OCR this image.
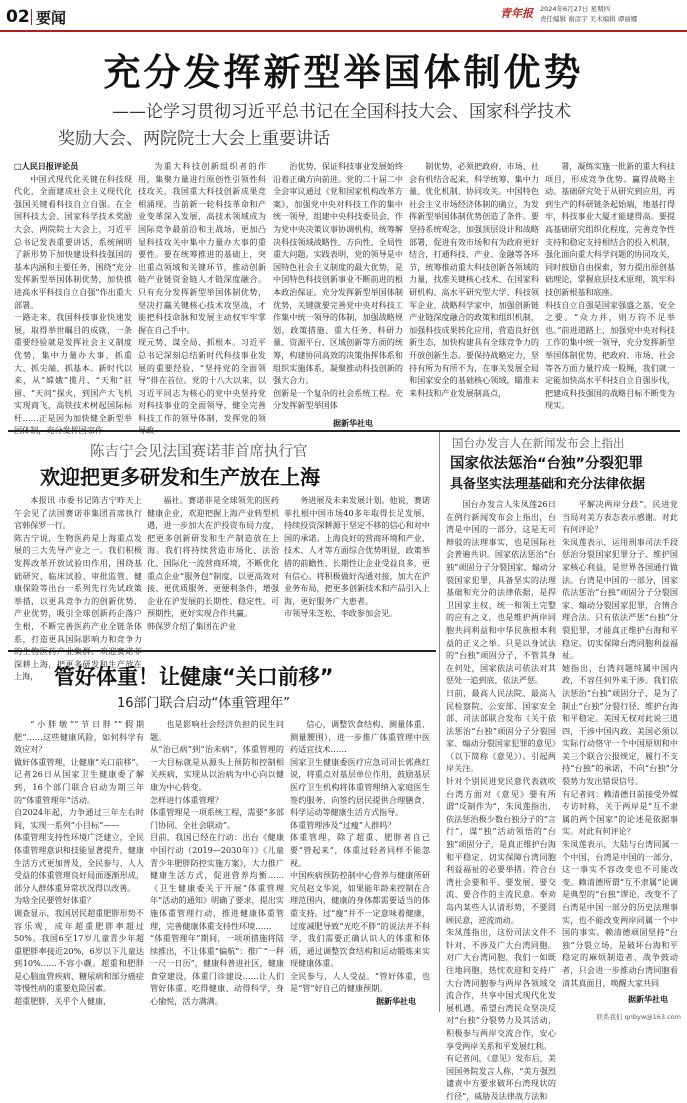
02 要闻	青年报	2024年6月27日 星期四
责任编辑 谢彦宇 美术编辑 谭丽娜
充分发挥新型举国体制优势
——论学习贯彻习近平总书记在全国科技大会、国家科学技术
奖励大会、两院院士大会上重要讲话
□人民日报评论员
中国式现代化关键在科技现代化，全面建成社会主义现代化强国关键看科技自立自强。在全国科技大会、国家科学技术奖励大会、两院院士大会上，习近平总书记发表重要讲话，系统阐明了新形势下加快建设科技强国的基本内涵和主要任务，围绕“充分发挥新型举国体制优势，加快推进高水平科技自立自强”作出重大部署。
一路走来，我国科技事业快速发展，取得举世瞩目的成就，一条重要经验就是发挥社会主义制度优势，集中力量办大事，抓重大、抓尖端、抓基本。新时代以来，从“嫦娥”揽月、“天和”驻留、“天问”探火，到国产大飞机实现商飞，高铁技术树起国际标杆……正是因为加快健全新型举
为重大科技创新组织者的作用，集聚力量进行原创性引领性科技攻关，我国重大科技创新成果竞相涌现。当前新一轮科技革命和产业变革深入发展，高技术领域成为国际竞争最前沿和主战场，更加凸显科技攻关中集中力量办大事的重要性。要在统筹推进的基础上，突出重点领域和关键环节，推动创新链产业链资金链人才链深度融合。只有充分发挥新型举国体制优势，坚决打赢关键核心技术攻坚战，才能把科技命脉和发展主动权牢牢掌握在自己手中。
现元势、谋全局、抓根本。习近平总书记深刻总结新时代科技事业发展的重要经验，“坚持党的全面领导”排在首位。党的十八大以来，以习近平同志为核心的党中央坚持党对科技事业的全面领导，健全完善科技工作的领导体制，发挥党的领
治优势，保证科技事业发展始终沿着正确方向前进。党的二十届二中全会审议通过《党和国家机构改革方案》，加强党中央对科技工作的集中统一领导，组建中央科技委员会，作为党中央决策议事协调机构，统筹解决科技领域战略性、方向性、全局性重大问题。实践表明，党的领导是中国特色社会主义制度的最大优势，是中国特色科技创新事业不断前进的根本政治保证。充分发挥新型举国体制优势，关键就要完善党中央对科技工作集中统一领导的体制，加强战略规划，政策措施、重大任务、科研力量、资源平台、区域创新等方面的统筹，构建协同高效的决策指挥体系和组织实施体系，凝聚推动科技创新的强大合力。
创新是一个复杂的社会系统工程。充分发挥新型举国体
制优势，必须把政府、市场、社会有机结合起来，科学统筹、集中力量、优化机制、协同攻关。中国特色社会主义市场经济体制的确立，为发挥新型举国体制优势创造了条件。要坚持系统观念，加强顶层设计和战略部署，促进有效市场和有为政府更好结合，打通科技、产业、金融等各环节，统筹推动重大科技创新各领域的力量，找准关键核心技术、在国家科研机构、高水平研究型大学、科技领军企业、战略科学家中，加强创新链产业链深度融合的政策和组织机制，加强科技成果转化应用，营造良好创新生态，加快构建具有全球竞争力的开放创新生态。要保持战略定力，坚持有所为有所不为，在事关发展全局和国家安全的基础核心领域，瞄准未来科技和产业发展制高点，
署，凝练实施一批新的重大科技项目，形成竞争优势。赢得战略主动。基础研究处于从研究到应用，再到生产的科研链条起始端，地基打得牢，科技事业大厦才能建得高。要提高基础研究组织化程度，完善竞争性支持和稳定支持相结合的投入机制，强化面向重大科学问题的协同攻关，同时鼓励自由探索，努力提出原创基础理论，掌握底层技术原理，筑牢科技创新根基和底座。
科技自立自强是国家强盛之基、安全之要。“众力并，则万钧不足举也。”前进道路上，加强党中央对科技工作的集中统一领导，充分发挥新型举国体制优势，把政府、市场、社会等各方面力量拧成一股绳，我们就一定能加快高水平科技自立自强步伐，把建成科技强国的战略目标不断变为现实。
据新华社电
陈吉宁会见法国赛诺菲首席执行官
欢迎把更多研发和生产放在上海
本报讯 市委书记陈吉宁昨天上午会见了法国赛诺菲集团首席执行官韩保罗一行。
陈吉宁说，生物医药是上海重点发展的三大先导产业之一。我们积极发挥改革开放试验田作用，围绕基础研究、临床试验、审批监管、健康保险等出台一系列先行先试政策举措，以更具竞争力的创新优势、产业优势，吸引全球创新药企落户生根，不断完善医药产业全链条体系，打造更具国际影响力和竞争力 深耕上海，把更多研发和生产放在上海，
福社。赛诺菲是全球领先的医药健康企业，欢迎把握上海产业转型机遇，进一步加大在沪投资布局力度，把更多创新研发和生产制造放在上海。我们将持续营造市场化、法治化、国际化一流营商环境，不断优化重点企业“服务包”制度，以更高效对接、更优质服务、更便利条件，增强企业在沪发展的长期性、稳定性。可预期性，更好实现合作共赢。
韩保罗介绍了集团在沪业
务进展及未来发展计划。他说，赛诺菲扎根中国市场40多年取得长足发展，持续投资深耕源于坚定不移的信心和对中国的承诺。上海良好的营商环境和产业、技术、人才等方面综合优势明显，政策举措的前瞻性、长期性让企业受益良多，更有信心。将积极做好沟通对接，加大在沪业务布局，把更多创新技术和产品引入上海，更好服务广大患者。
市领导朱芝松、李政参加会见。
国台办发言人在新闻发布会上指出
国家依法惩治“台独”分裂犯罪
具备坚实法理基础和充分法律依据
国台办发言人朱凤莲26日在例行新闻发布会上指出，台湾是中国的一部分，这是无可辩驳的法理事实，也是国际社会普遍共识。国家依法惩治“台独”顽固分子分裂国家、煽动分裂国家犯罪，具备坚实的法理基础和充分的法律依据，是捍卫国家主权、统一和领土完整的应有之义，也是维护两岸同胞共同利益和中华民族根本利益的正义之举。只是以身试法的“台独”顽固分子，不管其身在何处，国家依法可依法对其惩处一追到底，依法严惩。
日前，最高人民法院、最高人民检察院、公安部、国家安全部、司法部联合发布《关于依法惩治“台独”顽固分子分裂国家、煽动分裂国家犯罪的意见》（以下简称《意见》）。引起两岸关注。
针对个别民进党民意代表就吹台湾方面对《意见》要有所谓“反制作为”，朱凤莲指出，依法惩治极少数台独分子的“言行”，谋“独”活动领悟的“台独”顽固分子，是真正维护台海和平稳定、切实保障台湾同胞利益福祉的必要举措。符合台湾社会要和平、要发展、要交流、要合作的主流民意。奉劝岛内某些人认清形势，不要罔顾民意，逆流而动。
朱凤莲指出，这份司法文件不针对、不涉及广大台湾同胞。对广大台湾同胞，我们一如既往地同胞，热忱欢迎和支持广大台湾同胞参与两岸各领域交流合作，共享中国式现代化发展机遇。希望台湾民众坚决反对“台独”分裂势力及其活动，积极参与两岸交流合作，安心享受两岸关系和平发展红利。
有记者问，《意见》发布后，美国国务院发言人称，“美方强烈谴责中方要求破坏台湾现状的行径”，威胁及法律战方法和
平解决两岸分歧”。民进党当局对美方表态表示感谢。对此有何评论？
朱凤莲表示，运用刑事司法手段惩治分裂国家犯罪分子、维护国家核心利益，是世界各国通行做法。台湾是中国的一部分，国家依法惩治“台独”顽固分子分裂国家、煽动分裂国家犯罪，合情合理合法。只有依法严惩“台独”分裂犯罪，才能真正维护台海和平稳定。切实保障台湾同胞利益福祉。
她指出，台湾问题纯属中国内政，不容任何外来干涉。我们依法惩治“台独”顽固分子，是为了制止“台独”分裂行径、维护台海和平稳定。美国无权对此说三道四，干涉中国内政。美国必须以实际行动恪守一个中国原则和中美三个联合公报规定，履行不支持“台独”的承诺，不向“台独”分裂势力发出错误信号。
有记者问：赖清德日前接受外媒专访时称，关于两岸是“互不隶属的两个国家”的论述是依据事实。对此有何评论？
朱凤莲表示，大陆与台湾同属一个中国，台湾是中国的一部分，这一事实不容改变也不可能改变。赖清德所谓“互不隶属”论调是典型的“台独”谬论，改变不了台湾是中国一部分的历史法理事实，也不能改变两岸同属一个中国的事实。赖清德顽固坚持“台独”分裂立场，是破坏台海和平稳定的麻烦制造者、战争鼓动者，只会进一步推动台湾同胞看清其真面目，唤醒大家共同
据新华社电
管好体重！让健康“关口前移”
16部门联合启动“体重管理年”
“小胖墩”“节日胖”“假期肥”……这些健康风险，如何科学有效应对？
做好体重管理，让健康“关口前移”。
记者26日从国家卫生健康委了解到，16个部门联合启动为期三年的“体重管理年”活动。
自2024年起，力争通过三年左右时间，实现一系列“小目标”——
体重管理支持性环境广泛建立，全民体重管理意识和技能显著提升，健康生活方式更加普及，全民参与、人人受益的体重管理良好局面逐渐形成，部分人群体重异常状况得以改善。
为啥全民要管好体重？
调查显示，我国居民超重肥胖形势不容乐观，成年超重肥胖率超过50%。我国6至17岁儿童青少年超重肥胖率接近20%，6岁以下儿童达到10%……不容小觑。超重和肥胖是心脑血管疾病、糖尿病和部分癌症等慢性病的重要危险因素。
超重肥胖，关乎个人健康，
也是影响社会经济负担的民生问题。
从“治已病”到“治未病”，体重管理的一大目标就是从源头上预防和控制相关疾病，实现从以治病为中心向以健康为中心转变。
怎样进行体重管理？
体重管理是一项系统工程，需要“多部门协同、全社会联动”。
目前，我国已经在行动：出台《健康中国行动（2019—2030年）》《儿童青少年肥胖防控实施方案》，大力推广健康生活方式，促进营养均衡……《卫生健康委关于开展“体重管理年”活动的通知》明确了要求，提出实施体重管理行动，推进健康体重管理，完善健康体重支持性环境……
“体重管理年”期间，一项项措施将陆续推出，不让体重“偏航”：推广“一秤一尺一日历”，健康科普进社区，健康食堂建设，体重门诊建设……让人们管好体重、吃得健康、动得科学，身心愉悦，活力满满。
信心，调整饮食结构、测量体重、测量腰围），进一步推广体重管理中医药适宜技术……
国家卫生健康委医疗应急司司长郭燕红说，将重点对基层单位作用，鼓励基层医疗卫生机构将体重管理纳入家庭医生签约服务，向签约居民提供合理膳食、科学运动等健康生活方式指导。
体重管理涉及“过瘦”人群吗？
体重管理，除了超重、肥胖者自己要“管起来”，体重过轻者同样不能忽视。
中国疾病预防控制中心营养与健康所研究员赵文华说，如果能年龄来控制在合理范围内，健康的身体都需要适当的体重支持。过“瘦”并不一定意味着健康，过度减肥导致“光吃不胖”的说法并不科学，我们需要正确认识人的体重和体质，通过调整饮食结构和运动锻炼来实现健康体重。
全民参与，人人受益。“管好体重，也是“管”好自己的健康预期。
据新华社电
联系我们 qnbyw@163.com
